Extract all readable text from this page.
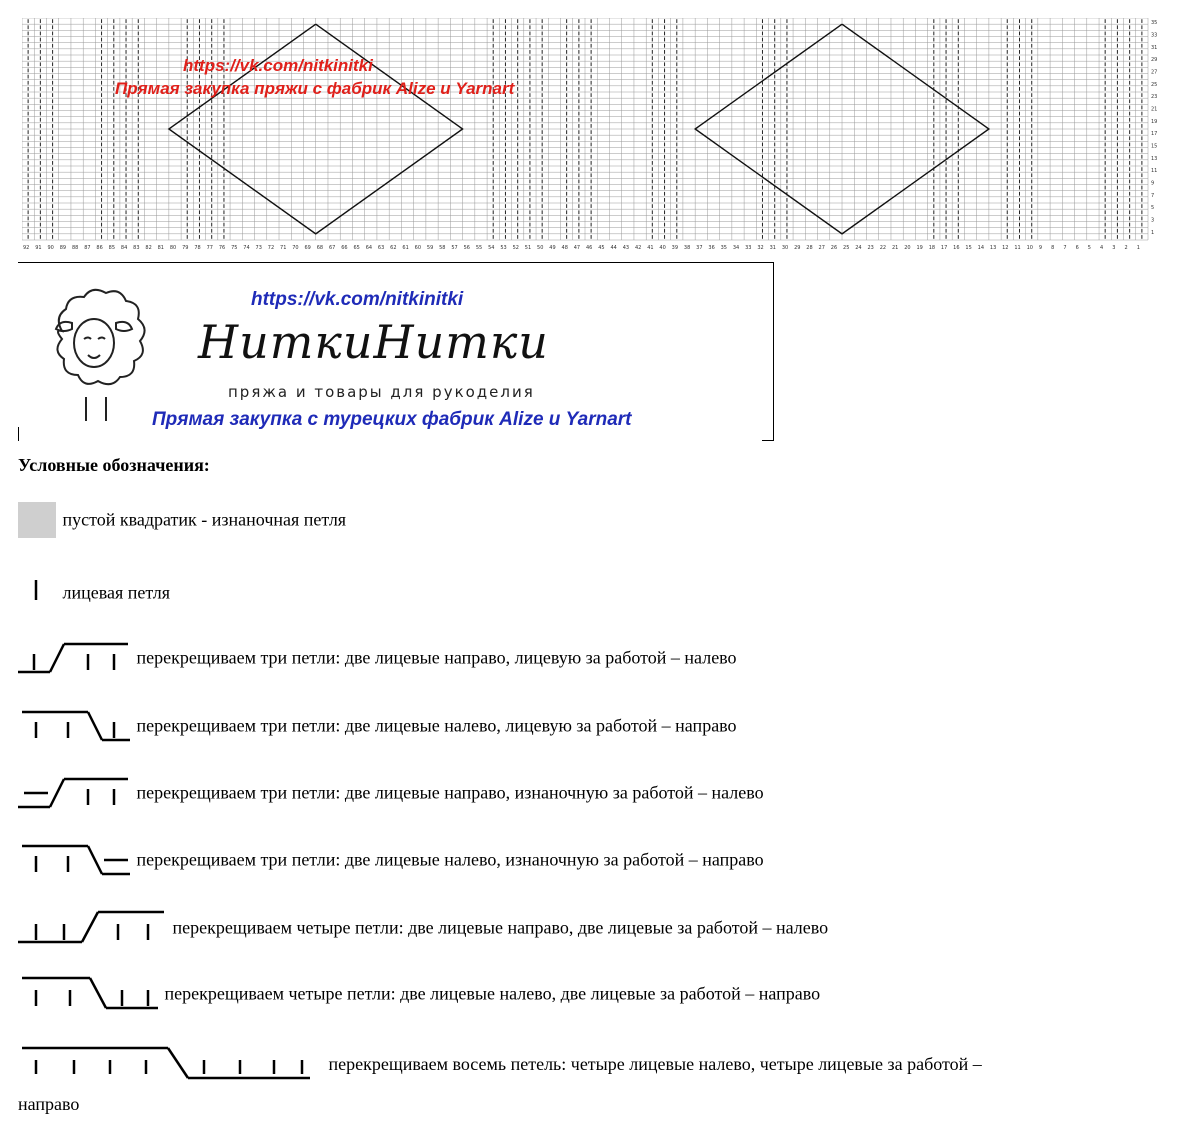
35
33
31
29
27
25
23
21
19
17
15
13
11
9
7
5
3
1
92 91 90 89 88 87 86 85 84 83 82 81 80 79 78 77 76 75 74 73 72 71 70 69 68 67 66 65 64 63 62 61 60 59 58 57 56 55 54 53 52 51 50 49 48 47 46 45 44 43 42 41 40 39 38 37 36 35 34 33 32 31 30 29 28 27 26 25 24 23 22 21 20 19 18 17 16 15 14 13 12 11 10 9 8 7 6 5 4 3 2 1
https://vk.com/nitkinitki
Прямая закупка пряжи с фабрик Alize и Yarnart
https://vk.com/nitkinitki
НиткиНитки
пряжа и товары для рукоделия
Прямая закупка с турецких фабрик Alize и Yarnart
Условные обозначения:
пустой квадратик - изнаночная петля
лицевая петля
перекрещиваем три петли: две лицевые направо, лицевую за работой – налево
перекрещиваем три петли: две лицевые налево, лицевую за работой – направо
перекрещиваем три петли: две лицевые направо, изнаночную за работой – налево
перекрещиваем три петли: две лицевые налево, изнаночную за работой – направо
перекрещиваем четыре петли: две лицевые направо, две лицевые за работой – налево
перекрещиваем четыре петли: две лицевые налево, две лицевые за работой – направо
перекрещиваем восемь петель: четыре лицевые налево, четыре лицевые за работой –
направо
